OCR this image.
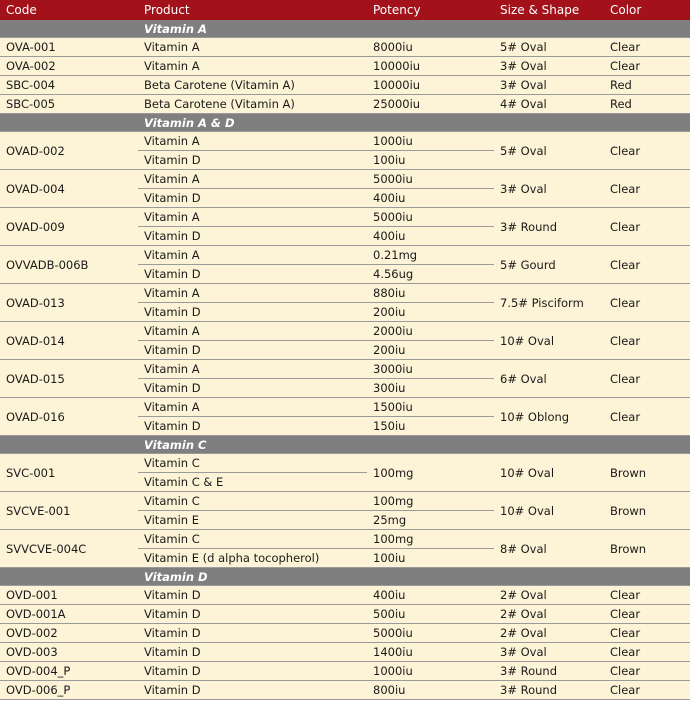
Code	Product	Potency	Size & Shape	Color
	Vitamin A			
OVA-001	Vitamin A	8000iu	5# Oval	Clear
OVA-002	Vitamin A	10000iu	3# Oval	Clear
SBC-004	Beta Carotene (Vitamin A)	10000iu	3# Oval	Red
SBC-005	Beta Carotene (Vitamin A)	25000iu	4# Oval	Red
	Vitamin A & D			
OVAD-002	Vitamin A	1000iu	5# Oval	Clear
	Vitamin D	100iu		
OVAD-004	Vitamin A	5000iu	3# Oval	Clear
	Vitamin D	400iu		
OVAD-009	Vitamin A	5000iu	3# Round	Clear
	Vitamin D	400iu		
OVVADB-006B	Vitamin A	0.21mg	5# Gourd	Clear
	Vitamin D	4.56ug		
OVAD-013	Vitamin A	880iu	7.5# Pisciform	Clear
	Vitamin D	200iu		
OVAD-014	Vitamin A	2000iu	10# Oval	Clear
	Vitamin D	200iu		
OVAD-015	Vitamin A	3000iu	6# Oval	Clear
	Vitamin D	300iu		
OVAD-016	Vitamin A	1500iu	10# Oblong	Clear
	Vitamin D	150iu		
	Vitamin C			
SVC-001	Vitamin C	100mg	10# Oval	Brown
	Vitamin C & E			
SVCVE-001	Vitamin C	100mg	10# Oval	Brown
	Vitamin E	25mg		
SVVCVE-004C	Vitamin C	100mg	8# Oval	Brown
	Vitamin E (d alpha tocopherol)	100iu		
	Vitamin D			
OVD-001	Vitamin D	400iu	2# Oval	Clear
OVD-001A	Vitamin D	500iu	2# Oval	Clear
OVD-002	Vitamin D	5000iu	2# Oval	Clear
OVD-003	Vitamin D	1400iu	3# Oval	Clear
OVD-004_P	Vitamin D	1000iu	3# Round	Clear
OVD-006_P	Vitamin D	800iu	3# Round	Clear
